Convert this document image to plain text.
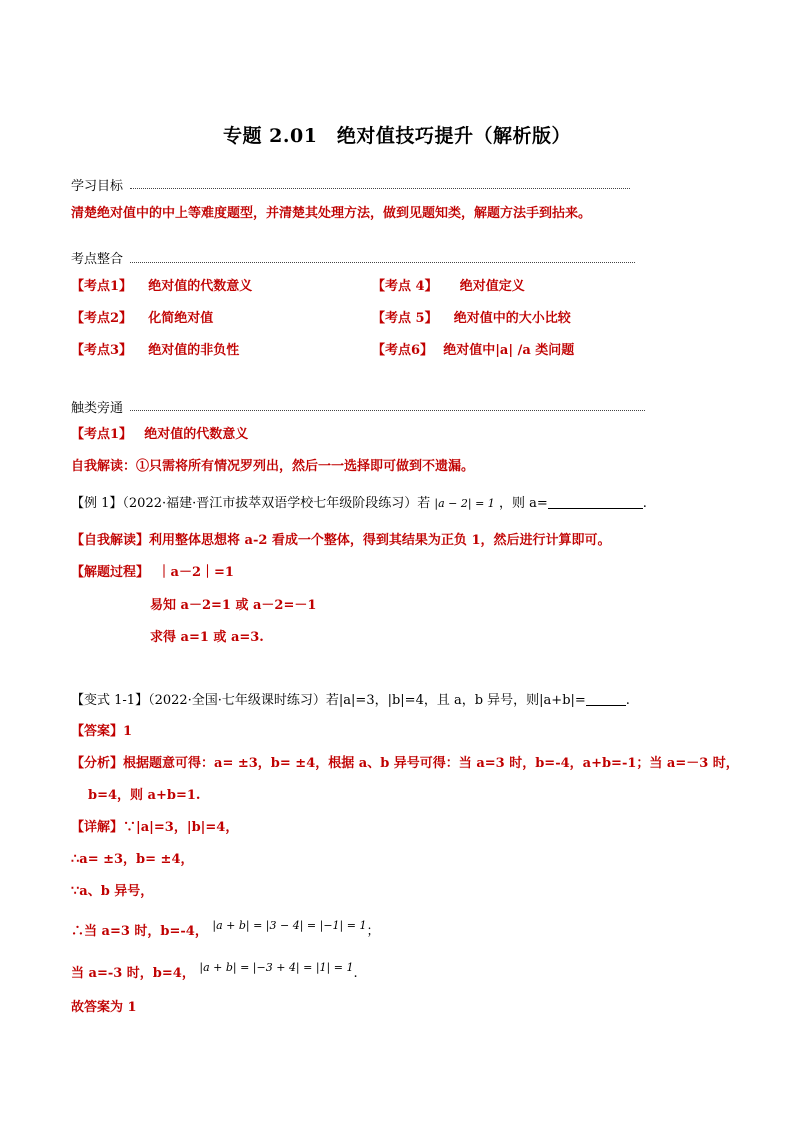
专题 2.01　绝对值技巧提升（解析版）
学习目标
清楚绝对值中的中上等难度题型，并清楚其处理方法，做到见题知类，解题方法手到拈来。
考点整合
【考点1】 绝对值的代数意义	【考点 4】 绝对值定义
【考点2】 化简绝对值	【考点 5】 绝对值中的大小比较
【考点3】 绝对值的非负性	【考点6】 绝对值中|a| /a 类问题
触类旁通
【考点1】 绝对值的代数意义
自我解读：①只需将所有情况罗列出，然后一一选择即可做到不遗漏。
【例 1】（2022·福建·晋江市拔萃双语学校七年级阶段练习）若 |a − 2| = 1 ，则 a=	.
【自我解读】利用整体思想将 a-2 看成一个整体，得到其结果为正负 1，然后进行计算即可。
【解题过程】 ｜a－2｜=1
易知 a－2=1 或 a－2=－1
求得 a=1 或 a=3.
【变式 1-1】（2022·全国·七年级课时练习）若|a|=3，|b|=4，且 a，b 异号，则|a+b|=	.
【答案】1
【分析】根据题意可得：a= ±3，b= ±4，根据 a、b 异号可得：当 a=3 时，b=-4，a+b=-1；当 a=－3 时，
b=4，则 a+b=1.
【详解】∵|a|=3，|b|=4，
∴a= ±3，b= ±4，
∵a、b 异号，
∴当 a=3 时，b=-4， $^{|a + b| = |3 - 4| = |-1| = 1}$；
当 a=-3 时，b=4， $^{|a + b| = |-3 + 4| = |1| = 1}$.
故答案为 1
